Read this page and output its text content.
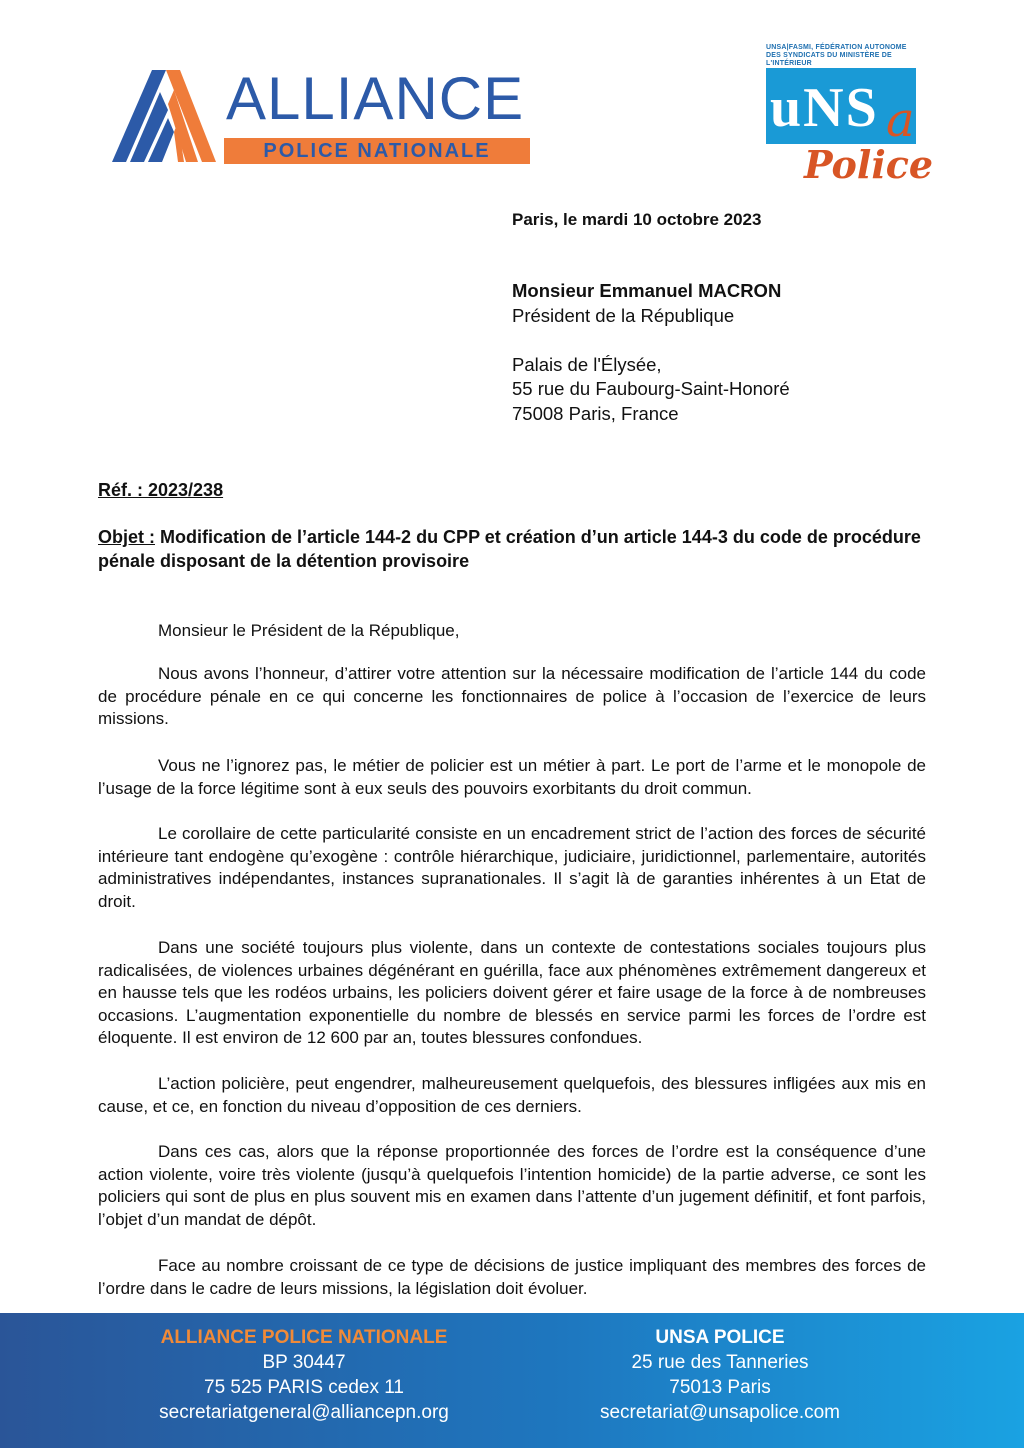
ALLIANCE
POLICE NATIONALE
UNSA|FASMI, FÉDÉRATION AUTONOME DES SYNDICATS DU MINISTÈRE DE L'INTÉRIEUR
uNS a
Police
Paris, le mardi 10 octobre 2023
Monsieur Emmanuel MACRON
Président de la République
Palais de l'Élysée,
55 rue du Faubourg-Saint-Honoré
75008 Paris, France
Réf. : 2023/238
Objet : Modification de l’article 144-2 du CPP et création d’un article 144-3 du code de procédure pénale disposant de la détention provisoire
Monsieur le Président de la République,
Nous avons l’honneur, d’attirer votre attention sur la nécessaire modification de l’article 144 du code de procédure pénale en ce qui concerne les fonctionnaires de police à l’occasion de l’exercice de leurs missions.
Vous ne l’ignorez pas, le métier de policier est un métier à part. Le port de l’arme et le monopole de l’usage de la force légitime sont à eux seuls des pouvoirs exorbitants du droit commun.
Le corollaire de cette particularité consiste en un encadrement strict de l’action des forces de sécurité intérieure tant endogène qu’exogène : contrôle hiérarchique, judiciaire, juridictionnel, parlementaire, autorités administratives indépendantes, instances supranationales. Il s’agit là de garanties inhérentes à un Etat de droit.
Dans une société toujours plus violente, dans un contexte de contestations sociales toujours plus radicalisées, de violences urbaines dégénérant en guérilla, face aux phénomènes extrêmement dangereux et en hausse tels que les rodéos urbains, les policiers doivent gérer et faire usage de la force à de nombreuses occasions. L’augmentation exponentielle du nombre de blessés en service parmi les forces de l’ordre est éloquente. Il est environ de 12 600 par an, toutes blessures confondues.
L’action policière, peut engendrer, malheureusement quelquefois, des blessures infligées aux mis en cause, et ce, en fonction du niveau d’opposition de ces derniers.
Dans ces cas, alors que la réponse proportionnée des forces de l’ordre est la conséquence d’une action violente, voire très violente (jusqu’à quelquefois l’intention homicide) de la partie adverse, ce sont les policiers qui sont de plus en plus souvent mis en examen dans l’attente d’un jugement définitif, et font parfois, l’objet d’un mandat de dépôt.
Face au nombre croissant de ce type de décisions de justice impliquant des membres des forces de l’ordre dans le cadre de leurs missions, la législation doit évoluer.
ALLIANCE POLICE NATIONALE
BP 30447
75 525 PARIS cedex 11
secretariatgeneral@alliancepn.org
UNSA POLICE
25 rue des Tanneries
75013 Paris
secretariat@unsapolice.com
